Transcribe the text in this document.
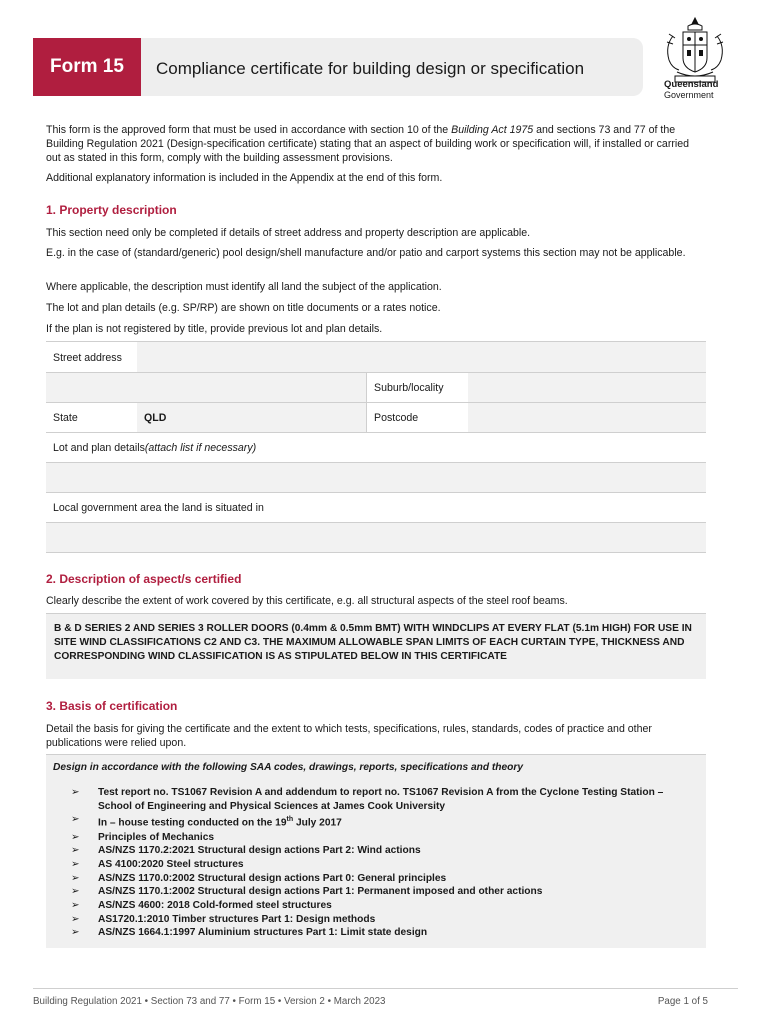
Form 15	Compliance certificate for building design or specification
Queensland
Government

This form is the approved form that must be used in accordance with section 10 of the Building Act 1975 and sections 73 and 77 of the Building Regulation 2021 (Design-specification certificate) stating that an aspect of building work or specification will, if installed or carried out as stated in this form, comply with the building assessment provisions.

Additional explanatory information is included in the Appendix at the end of this form.

1. Property description

This section need only be completed if details of street address and property description are applicable.

E.g. in the case of (standard/generic) pool design/shell manufacture and/or patio and carport systems this section may not be applicable.

Where applicable, the description must identify all land the subject of the application.

The lot and plan details (e.g. SP/RP) are shown on title documents or a rates notice.

If the plan is not registered by title, provide previous lot and plan details.

Street address
Suburb/locality
State	QLD	Postcode
Lot and plan details (attach list if necessary)
Local government area the land is situated in
2. Description of aspect/s certified

Clearly describe the extent of work covered by this certificate, e.g. all structural aspects of the steel roof beams.

B & D SERIES 2 AND SERIES 3 ROLLER DOORS (0.4mm & 0.5mm BMT) WITH WINDCLIPS AT EVERY FLAT (5.1m HIGH) FOR USE IN SITE WIND CLASSIFICATIONS C2 AND C3. THE MAXIMUM ALLOWABLE SPAN LIMITS OF EACH CURTAIN TYPE, THICKNESS AND CORRESPONDING WIND CLASSIFICATION IS AS STIPULATED BELOW IN THIS CERTIFICATE
3. Basis of certification

Detail the basis for giving the certificate and the extent to which tests, specifications, rules, standards, codes of practice and other publications were relied upon.

Design in accordance with the following SAA codes, drawings, reports, specifications and theory
➢ Test report no. TS1067 Revision A and addendum to report no. TS1067 Revision A from the Cyclone Testing Station – School of Engineering and Physical Sciences at James Cook University
➢ In – house testing conducted on the 19th July 2017
➢ Principles of Mechanics
➢ AS/NZS 1170.2:2021 Structural design actions Part 2: Wind actions
➢ AS 4100:2020 Steel structures
➢ AS/NZS 1170.0:2002 Structural design actions Part 0: General principles
➢ AS/NZS 1170.1:2002 Structural design actions Part 1: Permanent imposed and other actions
➢ AS/NZS 4600: 2018 Cold-formed steel structures
➢ AS1720.1:2010 Timber structures Part 1: Design methods
➢ AS/NZS 1664.1:1997 Aluminium structures Part 1: Limit state design
Building Regulation 2021 • Section 73 and 77 • Form 15 • Version 2 • March 2023	Page 1 of 5
